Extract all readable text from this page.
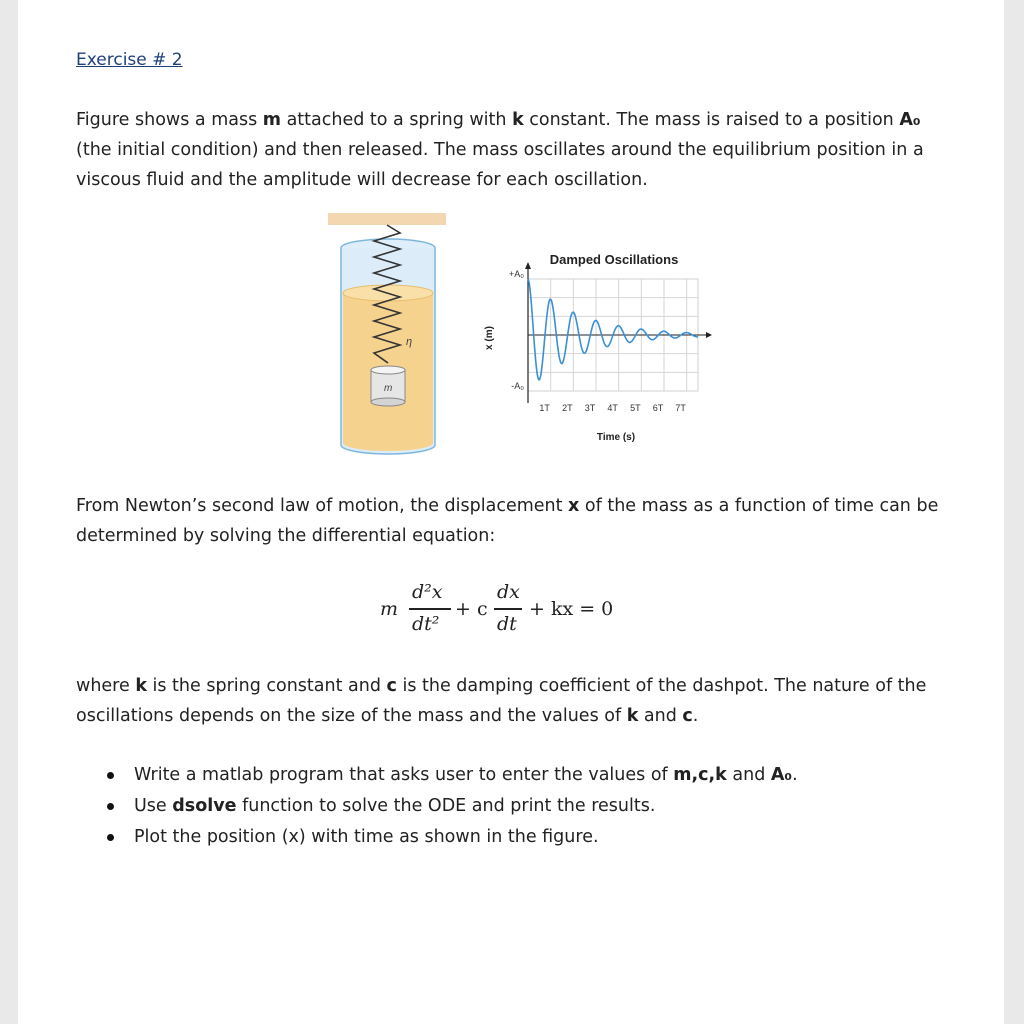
Exercise # 2
Figure shows a mass m attached to a spring with k constant. The mass is raised to a position A₀ (the initial condition) and then released. The mass oscillates around the equilibrium position in a viscous fluid and the amplitude will decrease for each oscillation.
m
η
Damped Oscillations
x (m)
Time (s)
+A₀
-A₀
1T 2T 3T 4T 5T 6T 7T
From Newton’s second law of motion, the displacement x of the mass as a function of time can be determined by solving the differential equation:
m
d²x
dt²
+ c
dx
dt
+ kx = 0
where k is the spring constant and c is the damping coefficient of the dashpot. The nature of the oscillations depends on the size of the mass and the values of k and c.
Write a matlab program that asks user to enter the values of m,c,k and A₀.
Use dsolve function to solve the ODE and print the results.
Plot the position (x) with time as shown in the figure.
